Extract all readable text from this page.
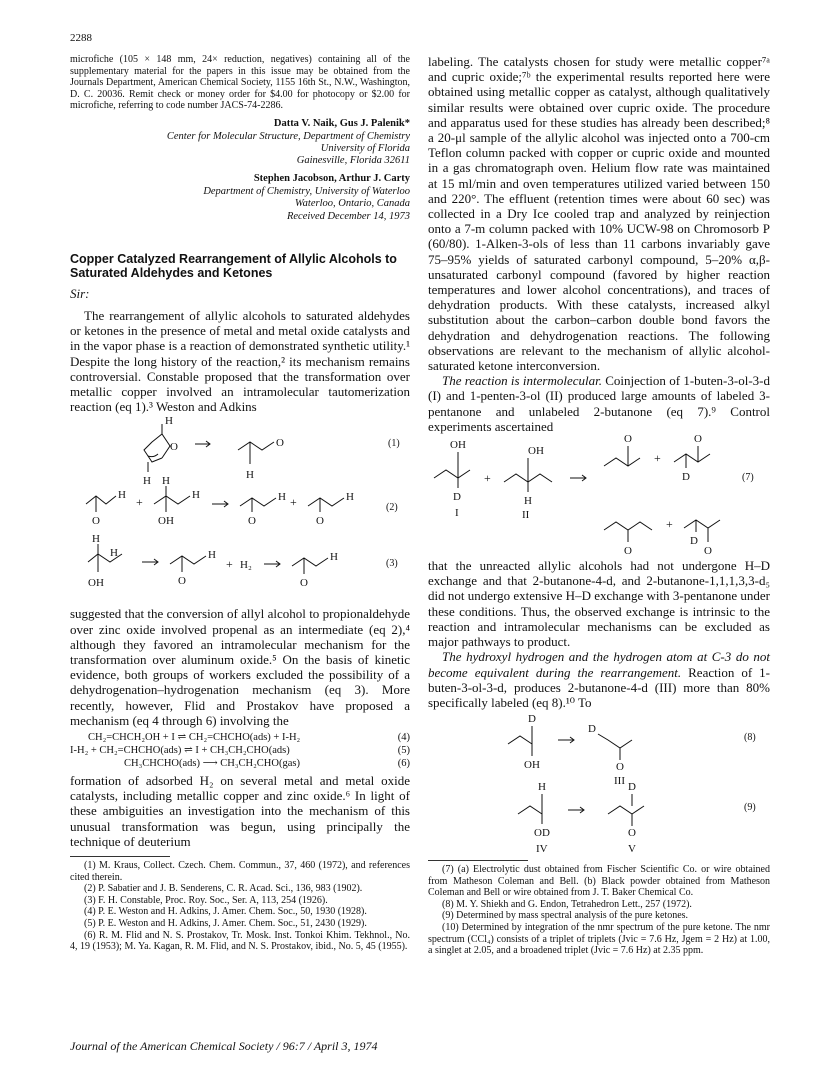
2288

microfiche (105 × 148 mm, 24× reduction, negatives) containing all of the supplementary material for the papers in this issue may be obtained from the Journals Department, American Chemical Society, 1155 16th St., N.W., Washington, D. C. 20036. Remit check or money order for $4.00 for photocopy or $2.00 for microfiche, referring to code number JACS-74-2286.

Datta V. Naik, Gus J. Palenik*

Center for Molecular Structure, Department of Chemistry

University of Florida

Gainesville, Florida 32611

Stephen Jacobson, Arthur J. Carty

Department of Chemistry, University of Waterloo

Waterloo, Ontario, Canada

Received December 14, 1973

Copper Catalyzed Rearrangement of Allylic Alcohols to Saturated Aldehydes and Ketones

Sir:

The rearrangement of allylic alcohols to saturated aldehydes or ketones in the presence of metal and metal oxide catalysts and in the vapor phase is a reaction of demonstrated synthetic utility.¹ Despite the long history of the reaction,² its mechanism remains controversial. Constable proposed that the transformation over metallic copper involved an intramolecular tautomerization reaction (eq 1).³ Weston and Adkins

H
O
H
O
H
(1)
H
O
+
H
H
OH
H
O
+	H
O
(2)
H
H
OH
H
O
+ H₂
H
O
(3)

suggested that the conversion of allyl alcohol to propionaldehyde over zinc oxide involved propenal as an intermediate (eq 2),⁴ although they favored an intramolecular mechanism for the transformation over aluminum oxide.⁵ On the basis of kinetic evidence, both groups of workers excluded the possibility of a dehydrogenation–hydrogenation mechanism (eq 3). More recently, however, Flid and Prostakov have proposed a mechanism (eq 4 through 6) involving the

CH₂=CHCH₂OH + I ⇌ CH₂=CHCHO(ads) + I-H₂	(4)
I-H₂ + CH₂=CHCHO(ads) ⇌ I + CH₃CH₂CHO(ads)	(5)
CH₃CHCHO(ads) ⟶ CH₃CH₂CHO(gas)	(6)

formation of adsorbed H₂ on several metal and metal oxide catalysts, including metallic copper and zinc oxide.⁶ In light of these ambiguities an investigation into the mechanism of this unusual transformation was begun, using principally the technique of deuterium

(1) M. Kraus, Collect. Czech. Chem. Commun., 37, 460 (1972), and references cited therein.

(2) P. Sabatier and J. B. Senderens, C. R. Acad. Sci., 136, 983 (1902).

(3) F. H. Constable, Proc. Roy. Soc., Ser. A, 113, 254 (1926).

(4) P. E. Weston and H. Adkins, J. Amer. Chem. Soc., 50, 1930 (1928).

(5) P. E. Weston and H. Adkins, J. Amer. Chem. Soc., 51, 2430 (1929).

(6) R. M. Flid and N. S. Prostakov, Tr. Mosk. Inst. Tonkoi Khim. Tekhnol., No. 4, 19 (1953); M. Ya. Kagan, R. M. Flid, and N. S. Prostakov, ibid., No. 5, 45 (1955).

labeling. The catalysts chosen for study were metallic copper⁷ᵃ and cupric oxide;⁷ᵇ the experimental results reported here were obtained using metallic copper as catalyst, although qualitatively similar results were obtained over cupric oxide. The procedure and apparatus used for these studies has already been described;⁸ a 20-μl sample of the allylic alcohol was injected onto a 700-cm Teflon column packed with copper or cupric oxide and mounted in a gas chromatograph oven. Helium flow rate was maintained at 15 ml/min and oven temperatures utilized varied between 150 and 220°. The effluent (retention times were about 60 sec) was collected in a Dry Ice cooled trap and analyzed by reinjection onto a 7-m column packed with 10% UCW-98 on Chromosorb P (60/80). 1-Alken-3-ols of less than 11 carbons invariably gave 75–95% yields of saturated carbonyl compound, 5–20% α,β-unsaturated carbonyl compound (favored by higher reaction temperatures and lower alcohol concentrations), and traces of dehydration products. With these catalysts, increased alkyl substitution about the carbon–carbon double bond favors the dehydration and dehydrogenation reactions. The following observations are relevant to the mechanism of allylic alcohol-saturated ketone interconversion.

The reaction is intermolecular. Coinjection of 1-buten-3-ol-3-d (I) and 1-penten-3-ol (II) produced large amounts of labeled 3-pentanone and unlabeled 2-butanone (eq 7).⁹ Control experiments ascertained

OH
D
I
+
OH
H
II
O
+
O
D	(7)
O
+
D
O

that the unreacted allylic alcohols had not undergone H–D exchange and that 2-butanone-4-d, and 2-butanone-1,1,1,3,3-d₅ did not undergo extensive H–D exchange with 3-pentanone under these conditions. Thus, the observed exchange is intrinsic to the reaction and intramolecular mechanisms can be excluded as major pathways to product.

The hydroxyl hydrogen and the hydrogen atom at C-3 do not become equivalent during the rearrangement. Reaction of 1-buten-3-ol-3-d, produces 2-butanone-4-d (III) more than 80% specifically labeled (eq 8).¹⁰ To

D
OH
D
O
III
(8)
H
OD
IV
D
O
V
(9)

(7) (a) Electrolytic dust obtained from Fischer Scientific Co. or wire obtained from Matheson Coleman and Bell. (b) Black powder obtained from Matheson Coleman and Bell or wire obtained from J. T. Baker Chemical Co.

(8) M. Y. Shiekh and G. Endon, Tetrahedron Lett., 257 (1972).

(9) Determined by mass spectral analysis of the pure ketones.

(10) Determined by integration of the nmr spectrum of the pure ketone. The nmr spectrum (CCl₄) consists of a triplet of triplets (Jvic = 7.6 Hz, Jgem = 2 Hz) at 1.00, a singlet at 2.05, and a broadened triplet (Jvic = 7.6 Hz) at 2.35 ppm.

Journal of the American Chemical Society / 96:7 / April 3, 1974
